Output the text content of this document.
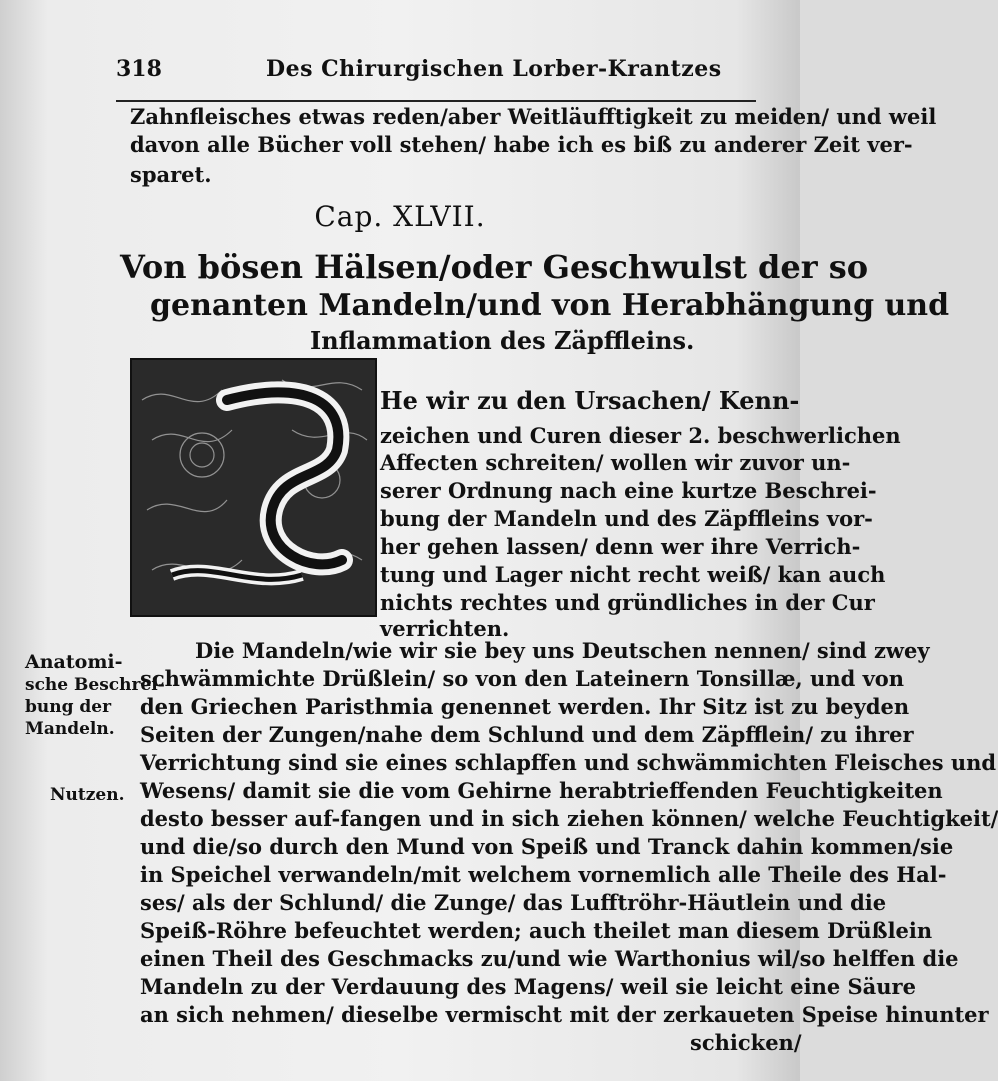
318	Des Chirurgischen Lorber-Krantzes
Zahnfleisches etwas reden/aber Weitläufftigkeit zu meiden/ und weil
davon alle Bücher voll stehen/ habe ich es biß zu anderer Zeit ver-
sparet.
Cap. XLVII.
Von bösen Hälsen/oder Geschwulst der so
genanten Mandeln/und von Herabhängung und
Inflammation des Zäpffleins.
He wir zu den Ursachen/ Kenn-
zeichen und Curen dieser 2. beschwerlichen
Affecten schreiten/ wollen wir zuvor un-
serer Ordnung nach eine kurtze Beschrei-
bung der Mandeln und des Zäpffleins vor-
her gehen lassen/ denn wer ihre Verrich-
tung und Lager nicht recht weiß/ kan auch
nichts rechtes und gründliches in der Cur
verrichten.
Die Mandeln/wie wir sie bey uns Deutschen nennen/ sind zwey
schwämmichte Drüßlein/ so von den Lateinern Tonsillæ, und von
den Griechen Paristhmia genennet werden. Ihr Sitz ist zu beyden
Seiten der Zungen/nahe dem Schlund und dem Zäpfflein/ zu ihrer
Verrichtung sind sie eines schlapffen und schwämmichten Fleisches und
Wesens/ damit sie die vom Gehirne herabtrieffenden Feuchtigkeiten
desto besser auf-fangen und in sich ziehen können/ welche Feuchtigkeit/
und die/so durch den Mund von Speiß und Tranck dahin kommen/sie
in Speichel verwandeln/mit welchem vornemlich alle Theile des Hal-
ses/ als der Schlund/ die Zunge/ das Lufftröhr-Häutlein und die
Speiß-Röhre befeuchtet werden; auch theilet man diesem Drüßlein
einen Theil des Geschmacks zu/und wie Warthonius wil/so helffen die
Mandeln zu der Verdauung des Magens/ weil sie leicht eine Säure
an sich nehmen/ dieselbe vermischt mit der zerkaueten Speise hinunter
schicken/
Anatomi-
sche Beschrei-
bung der
Mandeln.
Nutzen.
